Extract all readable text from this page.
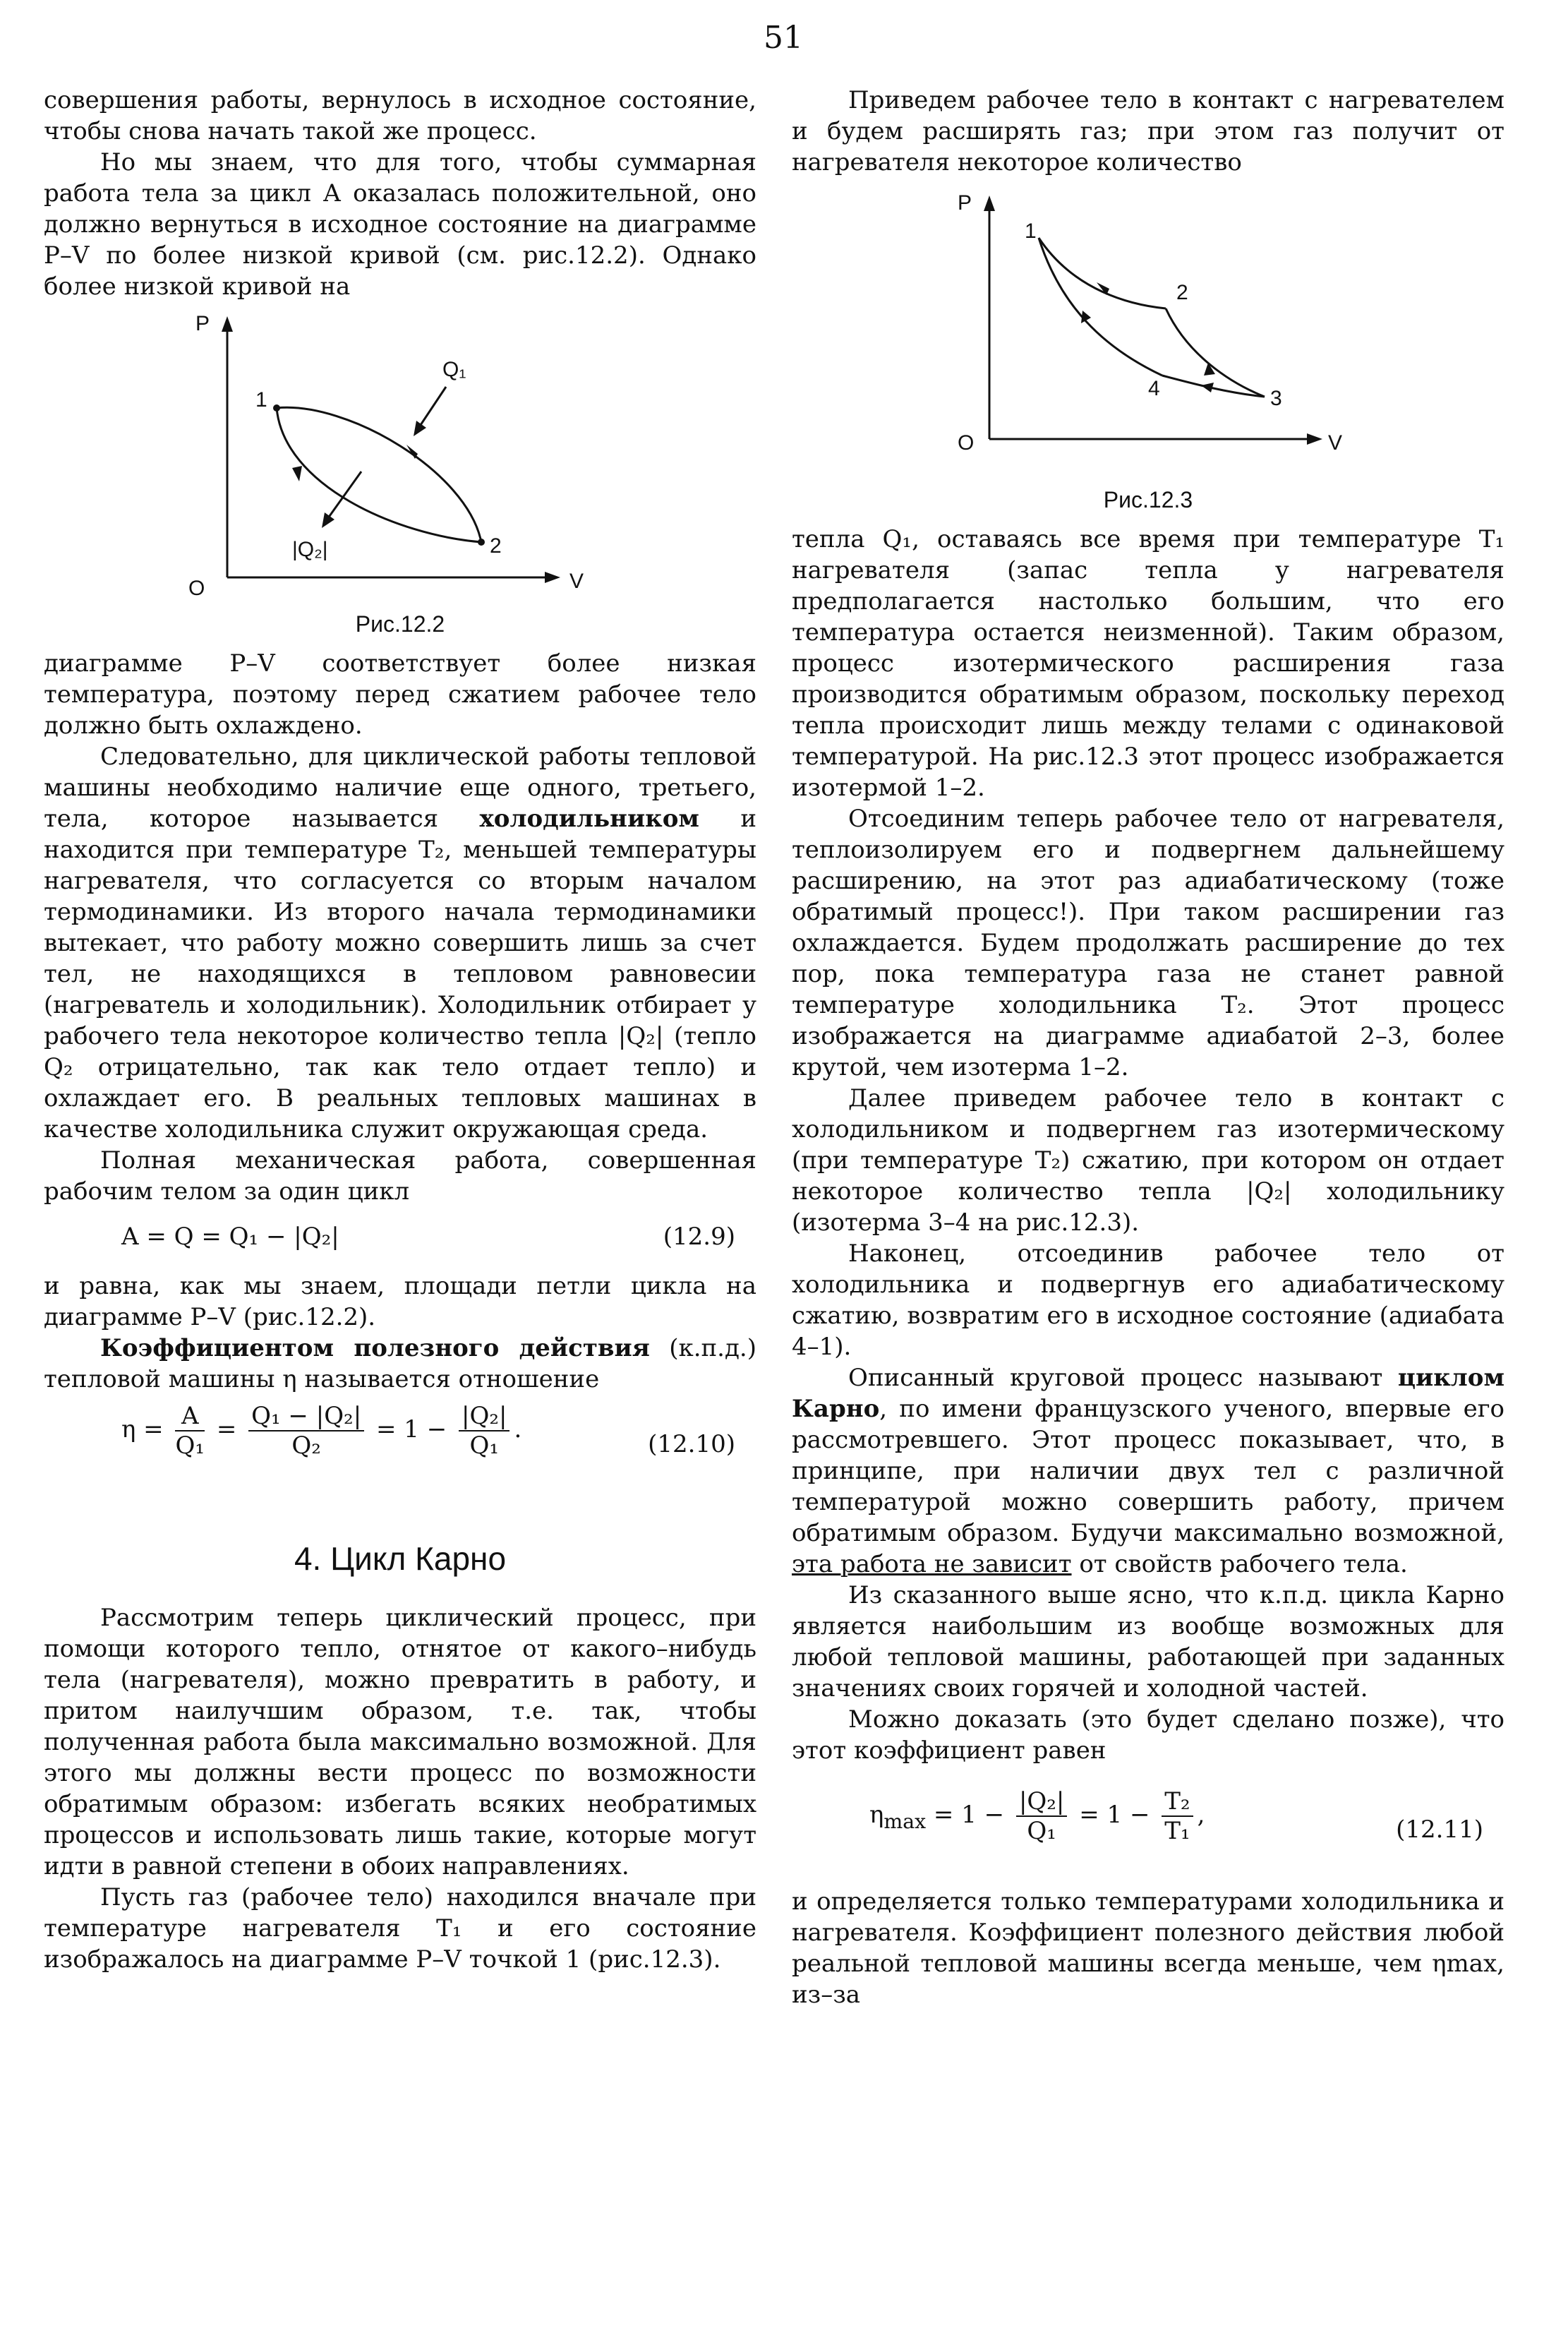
51

совершения работы, вернулось в исходное состояние, чтобы снова начать такой же процесс.

Но мы знаем, что для того, чтобы суммарная работа тела за цикл А оказалась положительной, оно должно вернуться в исходное состояние на диаграмме P–V по более низкой кривой (см. рис.12.2). Однако более низкой кривой на

P
O	V
1
2
Q₁
|Q₂|
Рис.12.2

диаграмме P–V соответствует более низкая температура, поэтому перед сжатием рабочее тело должно быть охлаждено.

Следовательно, для циклической работы тепловой машины необходимо наличие еще одного, третьего, тела, которое называется холодильником и находится при температуре T₂, меньшей температуры нагревателя, что согласуется со вторым началом термодинамики. Из второго начала термодинамики вытекает, что работу можно совершить лишь за счет тел, не находящихся в тепловом равновесии (нагреватель и холодильник). Холодильник отбирает у рабочего тела некоторое количество тепла |Q₂| (тепло Q₂ отрицательно, так как тело отдает тепло) и охлаждает его. В реальных тепловых машинах в качестве холодильника служит окружающая среда.

Полная механическая работа, совершенная рабочим телом за один цикл

A = Q = Q₁ − |Q₂|	(12.9)

и равна, как мы знаем, площади петли цикла на диаграмме P–V (рис.12.2).

Коэффициентом полезного действия (к.п.д.) тепловой машины η называется отношение

$\eta = \frac{A}{\text{Q₁}} = \frac{\text{Q₁ − |Q₂|}}{\text{Q₂}} = 1 - \frac{\text{|Q₂|}}{\text{Q₁}}$ .
(12.10)
4. Цикл Карно

Рассмотрим теперь циклический процесс, при помощи которого тепло, отнятое от какого–нибудь тела (нагревателя), можно превратить в работу, и притом наилучшим образом, т.е. так, чтобы полученная работа была максимально возможной. Для этого мы должны вести процесс по возможности обратимым образом: избегать всяких необратимых процессов и использовать лишь такие, которые могут идти в равной степени в обоих направлениях.

Пусть газ (рабочее тело) находился вначале при температуре нагревателя T₁ и его состояние изображалось на диаграмме P–V точкой 1 (рис.12.3).

Приведем рабочее тело в контакт с нагревателем и будем расширять газ; при этом газ получит от нагревателя некоторое количество

P
O	V
1
2
3
4
Рис.12.3

тепла Q₁, оставаясь все время при температуре T₁ нагревателя (запас тепла у нагревателя предполагается настолько большим, что его температура остается неизменной). Таким образом, процесс изотермического расширения газа производится обратимым образом, поскольку переход тепла происходит лишь между телами с одинаковой температурой. На рис.12.3 этот процесс изображается изотермой 1–2.

Отсоединим теперь рабочее тело от нагревателя, теплоизолируем его и подвергнем дальнейшему расширению, на этот раз адиабатическому (тоже обратимый процесс!). При таком расширении газ охлаждается. Будем продолжать расширение до тех пор, пока температура газа не станет равной температуре холодильника T₂. Этот процесс изображается на диаграмме адиабатой 2–3, более крутой, чем изотерма 1–2.

Далее приведем рабочее тело в контакт с холодильником и подвергнем газ изотермическому (при температуре T₂) сжатию, при котором он отдает некоторое количество тепла |Q₂| холодильнику (изотерма 3–4 на рис.12.3).

Наконец, отсоединив рабочее тело от холодильника и подвергнув его адиабатическому сжатию, возвратим его в исходное состояние (адиабата 4–1).

Описанный круговой процесс называют циклом Карно, по имени французского ученого, впервые его рассмотревшего. Этот процесс показывает, что, в принципе, при наличии двух тел с различной температурой можно совершить работу, причем обратимым образом. Будучи максимально возможной, эта работа не зависит от свойств рабочего тела.

Из сказанного выше ясно, что к.п.д. цикла Карно является наибольшим из вообще возможных для любой тепловой машины, работающей при заданных значениях своих горячей и холодной частей.

Можно доказать (это будет сделано позже), что этот коэффициент равен

$\eta_{max} = 1 - \frac{\text{|Q₂|}}{\text{Q₁}} = 1 - \frac{\text{T₂}}{\text{T₁}}$ ,
(12.11)

и определяется только температурами холодильника и нагревателя. Коэффициент полезного действия любой реальной тепловой машины всегда меньше, чем ηmax, из–за
